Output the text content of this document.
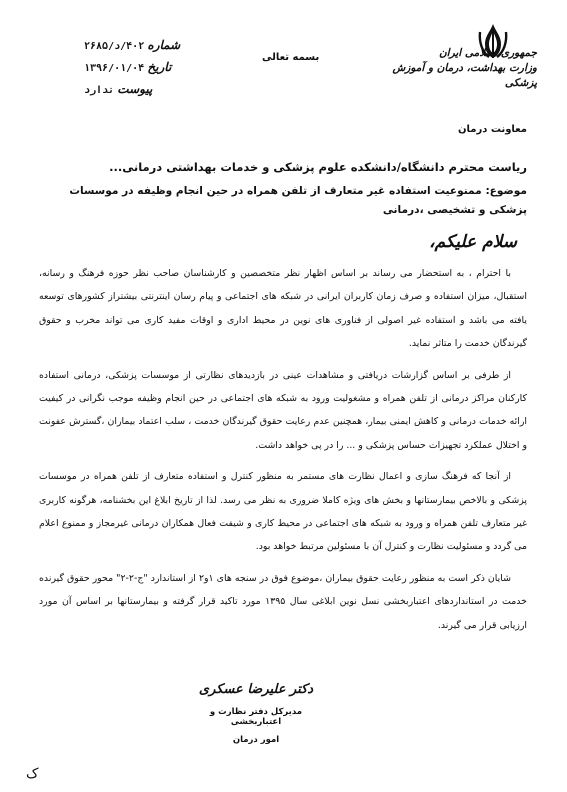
جمهوری اسلامی ایران
وزارت بهداشت، درمان و آموزش پزشکی
معاونت درمان
بسمه تعالی
شماره ۴۰۲/د/۲۶۸۵
تاریخ ۱۳۹۶/۰۱/۰۴
پیوست ندارد
ریاست محترم دانشگاه/دانشکده علوم پزشکی و خدمات بهداشتی درمانی...
موضوع: ممنوعیت استفاده غیر متعارف از تلفن همراه در حین انجام وظیفه در موسسات پزشکی و تشخیصی ،درمانی
سلام علیکم،

با احترام ، به استحضار می رساند بر اساس اظهار نظر متخصصین و کارشناسان صاحب نظر حوزه فرهنگ و رسانه، استقبال، میزان استفاده و صرف زمان کاربران ایرانی در شبکه های اجتماعی و پیام رسان اینترنتی بیشتراز کشورهای توسعه یافته می باشد و استفاده غیر اصولی از فناوری های نوین در محیط اداری و اوقات مفید کاری می تواند مخرب و حقوق گیرندگان خدمت را متاثر نماید.

از طرفی بر اساس گزارشات دریافتی و مشاهدات عینی در بازدیدهای نظارتی از موسسات پزشکی، درمانی استفاده کارکنان مراکز درمانی از تلفن همراه و مشغولیت ورود به شبکه های اجتماعی در حین انجام وظیفه موجب نگرانی در کیفیت ارائه خدمات درمانی و کاهش ایمنی بیمار، همچنین عدم رعایت حقوق گیرندگان خدمت ، سلب اعتماد بیماران ،گسترش عفونت و اختلال عملکرد تجهیزات حساس پزشکی و ... را در پی خواهد داشت.

از آنجا که فرهنگ سازی و اعمال نظارت های مستمر به منظور کنترل و استفاده متعارف از تلفن همراه در موسسات پزشکی و بالاخص بیمارستانها و بخش های ویژه کاملا ضروری به نظر می رسد. لذا از تاریخ ابلاغ این بخشنامه، هرگونه کاربری غیر متعارف تلفن همراه و ورود به شبکه های اجتماعی در محیط کاری و شیفت فعال همکاران درمانی غیرمجاز و ممنوع اعلام می گردد و مسئولیت نظارت و کنترل آن با مسئولین مرتبط خواهد بود.

شایان ذکر است به منظور رعایت حقوق بیماران ،موضوع فوق در سنجه های ۱و۲ از استاندارد "ج-۲-۲" محور حقوق گیرنده خدمت در استانداردهای اعتباربخشی نسل نوین ابلاغی سال ۱۳۹۵ مورد تاکید قرار گرفته و بیمارستانها بر اساس آن مورد ارزیابی قرار می گیرند.

دکتر علیرضا عسکری
مدیرکل دفتر نظارت و اعتباربخشی
امور درمان
ک
